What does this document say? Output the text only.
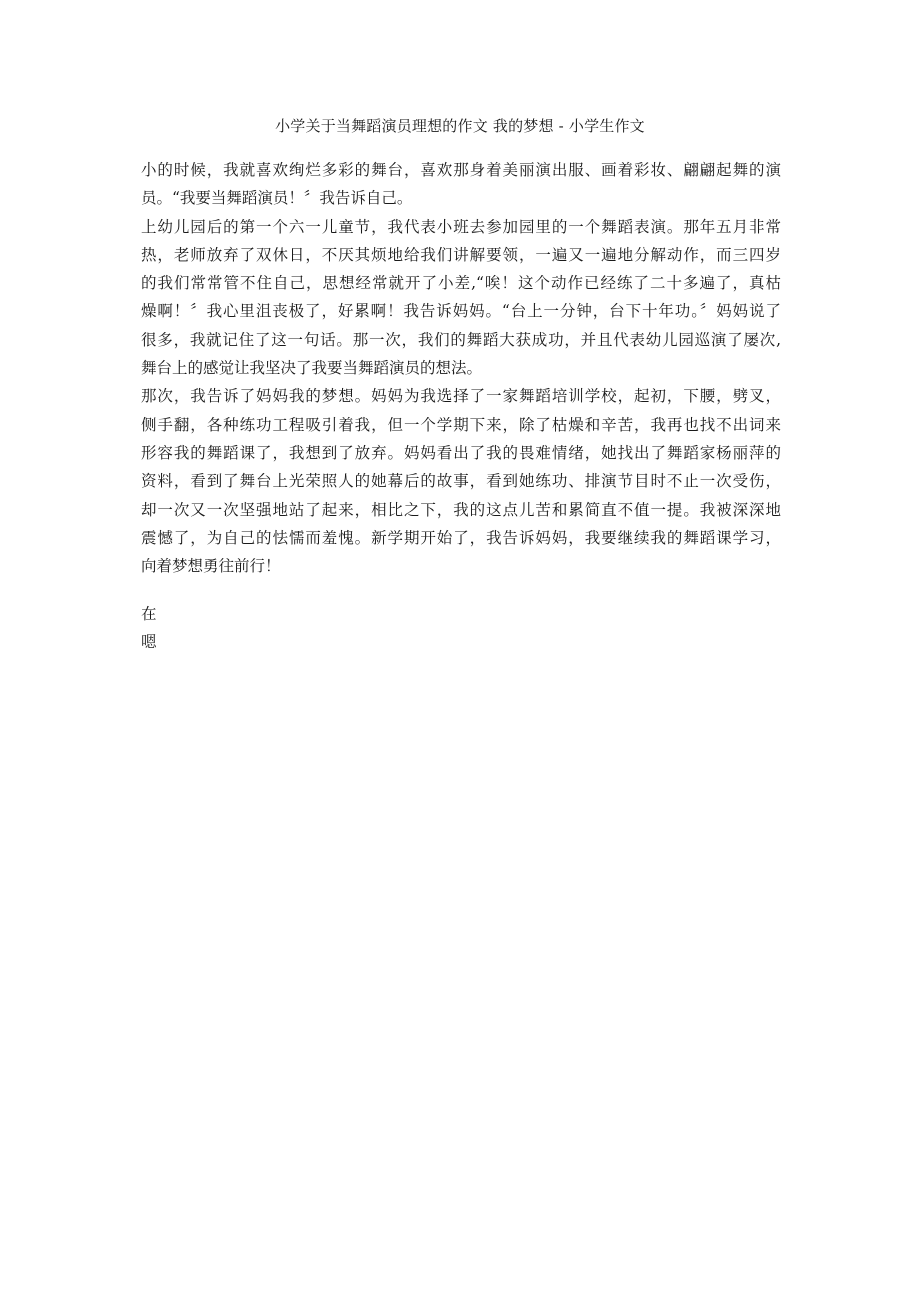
小学关于当舞蹈演员理想的作文 我的梦想 - 小学生作文
小的时候，我就喜欢绚烂多彩的舞台，喜欢那身着美丽演出服、画着彩妆、翩翩起舞的演
员。“我要当舞蹈演员！〞我告诉自己。
上幼儿园后的第一个六一儿童节，我代表小班去参加园里的一个舞蹈表演。那年五月非常
热，老师放弃了双休日，不厌其烦地给我们讲解要领，一遍又一遍地分解动作，而三四岁
的我们常常管不住自己，思想经常就开了小差,“唉！这个动作已经练了二十多遍了，真枯
燥啊！〞我心里沮丧极了，好累啊！我告诉妈妈。“台上一分钟，台下十年功。〞妈妈说了
很多，我就记住了这一句话。那一次，我们的舞蹈大获成功，并且代表幼儿园巡演了屡次,
舞台上的感觉让我坚决了我要当舞蹈演员的想法。
那次，我告诉了妈妈我的梦想。妈妈为我选择了一家舞蹈培训学校，起初，下腰，劈叉，
侧手翻，各种练功工程吸引着我，但一个学期下来，除了枯燥和辛苦，我再也找不出词来
形容我的舞蹈课了，我想到了放弃。妈妈看出了我的畏难情绪，她找出了舞蹈家杨丽萍的
资料，看到了舞台上光荣照人的她幕后的故事，看到她练功、排演节目时不止一次受伤，
却一次又一次坚强地站了起来，相比之下，我的这点儿苦和累简直不值一提。我被深深地
震憾了，为自己的怯懦而羞愧。新学期开始了，我告诉妈妈，我要继续我的舞蹈课学习，
向着梦想勇往前行！
在
嗯
